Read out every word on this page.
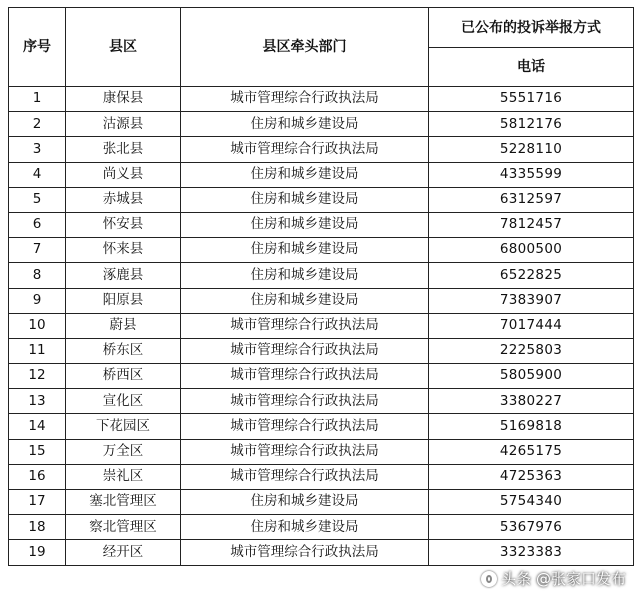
序号	县区	县区牵头部门	已公布的投诉举报方式
			电话
1	康保县	城市管理综合行政执法局	5551716
2	沽源县	住房和城乡建设局	5812176
3	张北县	城市管理综合行政执法局	5228110
4	尚义县	住房和城乡建设局	4335599
5	赤城县	住房和城乡建设局	6312597
6	怀安县	住房和城乡建设局	7812457
7	怀来县	住房和城乡建设局	6800500
8	涿鹿县	住房和城乡建设局	6522825
9	阳原县	住房和城乡建设局	7383907
10	蔚县	城市管理综合行政执法局	7017444
11	桥东区	城市管理综合行政执法局	2225803
12	桥西区	城市管理综合行政执法局	5805900
13	宣化区	城市管理综合行政执法局	3380227
14	下花园区	城市管理综合行政执法局	5169818
15	万全区	城市管理综合行政执法局	4265175
16	崇礼区	城市管理综合行政执法局	4725363
17	塞北管理区	住房和城乡建设局	5754340
18	察北管理区	住房和城乡建设局	5367976
19	经开区	城市管理综合行政执法局	3323383
头条 @张家口发布
